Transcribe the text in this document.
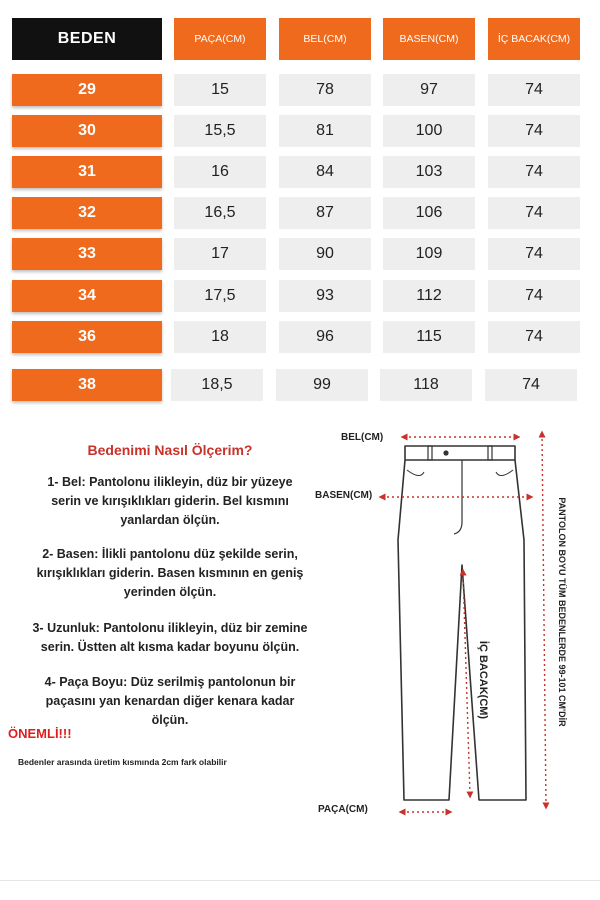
BEDEN	PAÇA(CM)	BEL(CM)	BASEN(CM)	İÇ BACAK(CM)
29	15	78	97	74
30	15,5	81	100	74
31	16	84	103	74
32	16,5	87	106	74
33	17	90	109	74
34	17,5	93	112	74
36	18	96	115	74
38	18,5	99	118	74
Bedenimi Nasıl Ölçerim?
1- Bel: Pantolonu ilikleyin, düz bir yüzeye
serin ve kırışıklıkları giderin. Bel kısmını
yanlardan ölçün.
2- Basen: İlikli pantolonu düz şekilde serin,
kırışıklıkları giderin. Basen kısmının en geniş
yerinden ölçün.
3- Uzunluk: Pantolonu ilikleyin, düz bir zemine
serin. Üstten alt kısma kadar boyunu ölçün.
4- Paça Boyu: Düz serilmiş pantolonun bir
paçasını yan kenardan diğer kenara kadar
ölçün.
ÖNEMLİ!!!
Bedenler arasında üretim kısmında 2cm fark olabilir
BEL(CM)
BASEN(CM)
PAÇA(CM)
İÇ BACAK(CM)	PANTOLON BOYU TÜM BEDENLERDE 99-101 CM'DİR
